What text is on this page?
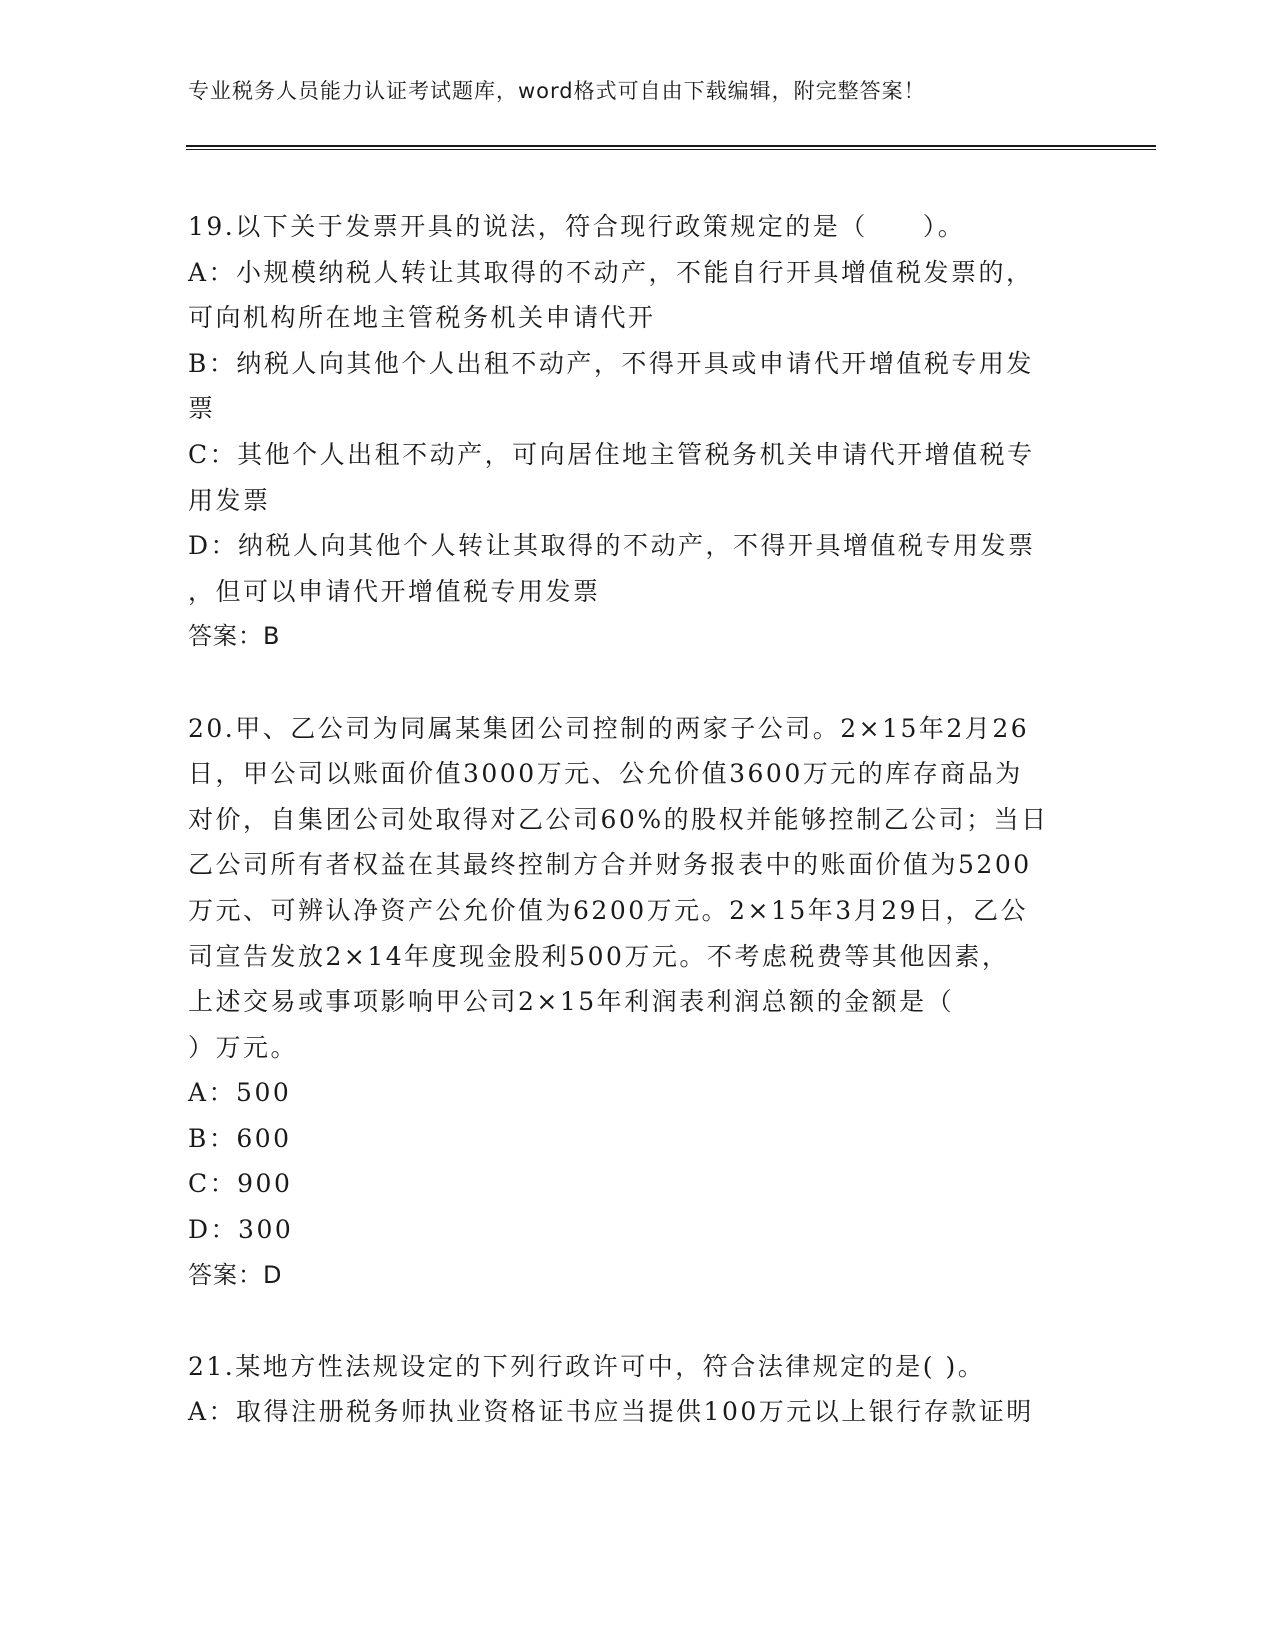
专业税务人员能力认证考试题库，word格式可自由下载编辑，附完整答案！
19.以下关于发票开具的说法，符合现行政策规定的是（　　）。
A：小规模纳税人转让其取得的不动产，不能自行开具增值税发票的，
可向机构所在地主管税务机关申请代开
B：纳税人向其他个人出租不动产，不得开具或申请代开增值税专用发
票
C：其他个人出租不动产，可向居住地主管税务机关申请代开增值税专
用发票
D：纳税人向其他个人转让其取得的不动产，不得开具增值税专用发票
，但可以申请代开增值税专用发票
答案：B
20.甲、乙公司为同属某集团公司控制的两家子公司。2×15年2月26
日，甲公司以账面价值3000万元、公允价值3600万元的库存商品为
对价，自集团公司处取得对乙公司60%的股权并能够控制乙公司；当日
乙公司所有者权益在其最终控制方合并财务报表中的账面价值为5200
万元、可辨认净资产公允价值为6200万元。2×15年3月29日，乙公
司宣告发放2×14年度现金股利500万元。不考虑税费等其他因素，
上述交易或事项影响甲公司2×15年利润表利润总额的金额是（
）万元。
A：500
B：600
C：900
D：300
答案：D
21.某地方性法规设定的下列行政许可中，符合法律规定的是( )。
A：取得注册税务师执业资格证书应当提供100万元以上银行存款证明
